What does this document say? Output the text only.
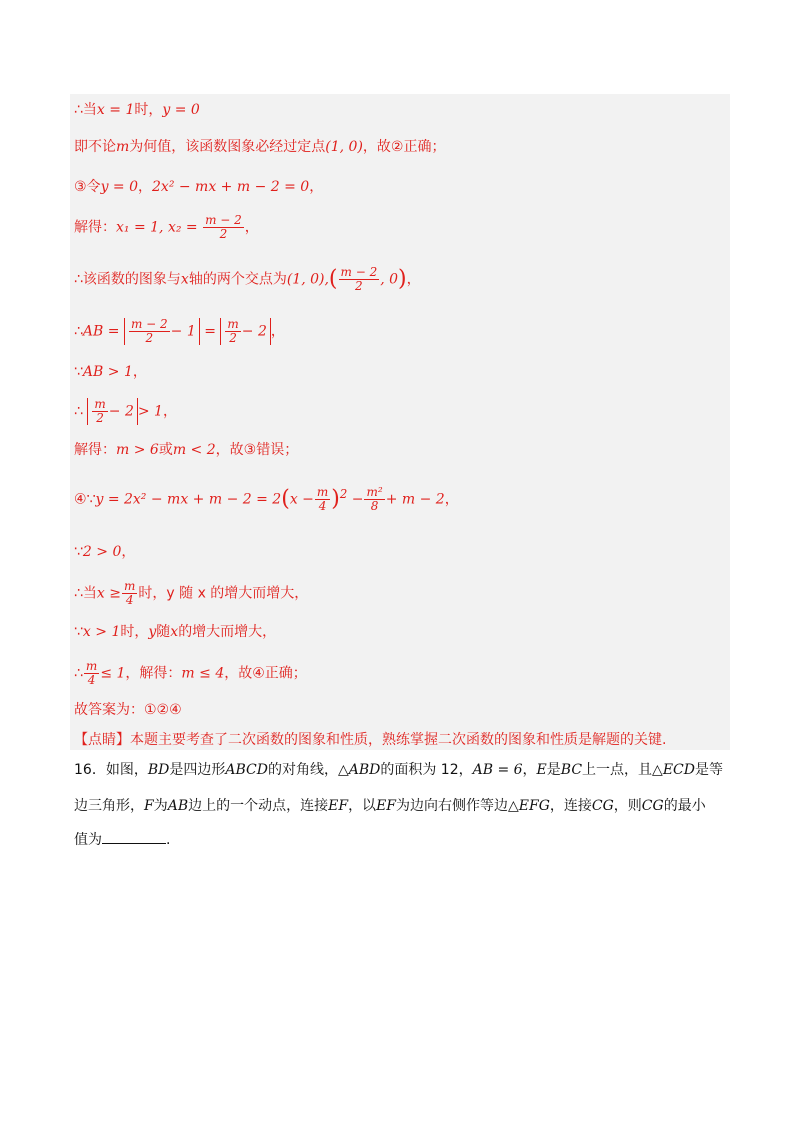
∴当x = 1时，y = 0
即不论m为何值，该函数图象必经过定点(1, 0)，故②正确；
③令y = 0，2x² − mx + m − 2 = 0，
解得：x₁ = 1, $x_2 = \frac{m - 2}{2}$ ，
∴该函数的图象与x轴的两个交点为(1, $0),( \frac{m - 2}{2}$ , 0)，
∴AB = $\frac{m - 2}{2} - 1 = \frac{m}{2} - 2$ ，
∵AB > 1，
∴ $\frac{m}{2} - 2 > 1$，
解得：m > 6或m < 2，故③错误；
④∵y = 2x² − mx + $m - 2 = 2(x - \frac{m}{4} )^2 - \frac{\text{m²}}{8} + m - 2$，
∵2 > 0，
∴当$x \ge \frac{m}{4}$ 时，y 随 x 的增大而增大，
∵x > 1时，y随x的增大而增大，
∴ $\frac{m}{4} \le 1$，解得：m ≤ 4，故④正确；
故答案为：①②④
【点睛】本题主要考查了二次函数的图象和性质，熟练掌握二次函数的图象和性质是解题的关键.
16．如图，BD是四边形ABCD的对角线，△ABD的面积为 12，AB = 6，E是BC上一点，且△ECD是等
边三角形，F为AB边上的一个动点，连接EF，以EF为边向右侧作等边△EFG，连接CG，则CG的最小
值为	.
